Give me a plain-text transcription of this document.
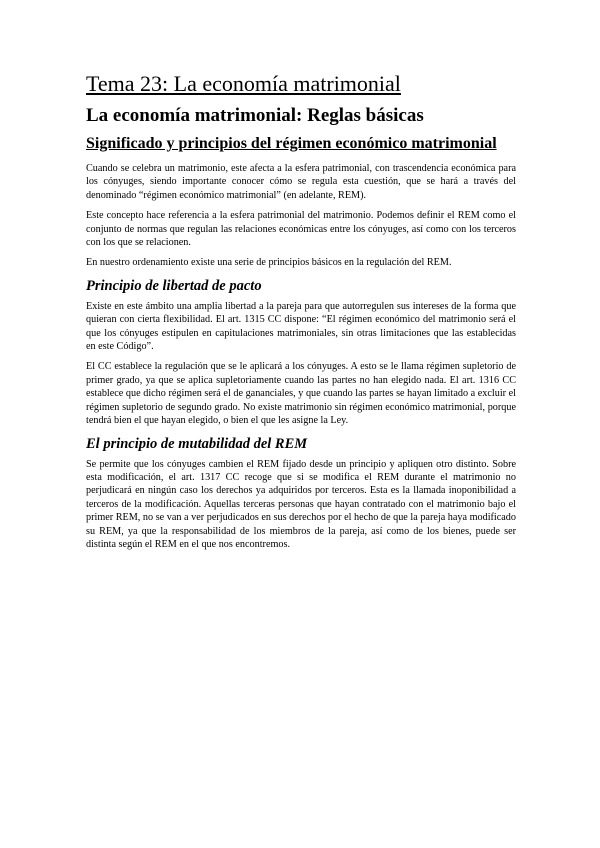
Tema 23: La economía matrimonial
La economía matrimonial: Reglas básicas
Significado y principios del régimen económico matrimonial

Cuando se celebra un matrimonio, este afecta a la esfera patrimonial, con trascendencia económica para los cónyuges, siendo importante conocer cómo se regula esta cuestión, que se hará a través del denominado “régimen económico matrimonial” (en adelante, REM).

Este concepto hace referencia a la esfera patrimonial del matrimonio. Podemos definir el REM como el conjunto de normas que regulan las relaciones económicas entre los cónyuges, así como con los terceros con los que se relacionen.

En nuestro ordenamiento existe una serie de principios básicos en la regulación del REM.

Principio de libertad de pacto

Existe en este ámbito una amplia libertad a la pareja para que autorregulen sus intereses de la forma que quieran con cierta flexibilidad. El art. 1315 CC dispone: “El régimen económico del matrimonio será el que los cónyuges estipulen en capitulaciones matrimoniales, sin otras limitaciones que las establecidas en este Código”.

El CC establece la regulación que se le aplicará a los cónyuges. A esto se le llama régimen supletorio de primer grado, ya que se aplica supletoriamente cuando las partes no han elegido nada. El art. 1316 CC establece que dicho régimen será el de gananciales, y que cuando las partes se hayan limitado a excluir el régimen supletorio de segundo grado. No existe matrimonio sin régimen económico matrimonial, porque tendrá bien el que hayan elegido, o bien el que les asigne la Ley.

El principio de mutabilidad del REM

Se permite que los cónyuges cambien el REM fijado desde un principio y apliquen otro distinto. Sobre esta modificación, el art. 1317 CC recoge que si se modifica el REM durante el matrimonio no perjudicará en ningún caso los derechos ya adquiridos por terceros. Esta es la llamada inoponibilidad a terceros de la modificación. Aquellas terceras personas que hayan contratado con el matrimonio bajo el primer REM, no se van a ver perjudicados en sus derechos por el hecho de que la pareja haya modificado su REM, ya que la responsabilidad de los miembros de la pareja, así como de los bienes, puede ser distinta según el REM en el que nos encontremos.
